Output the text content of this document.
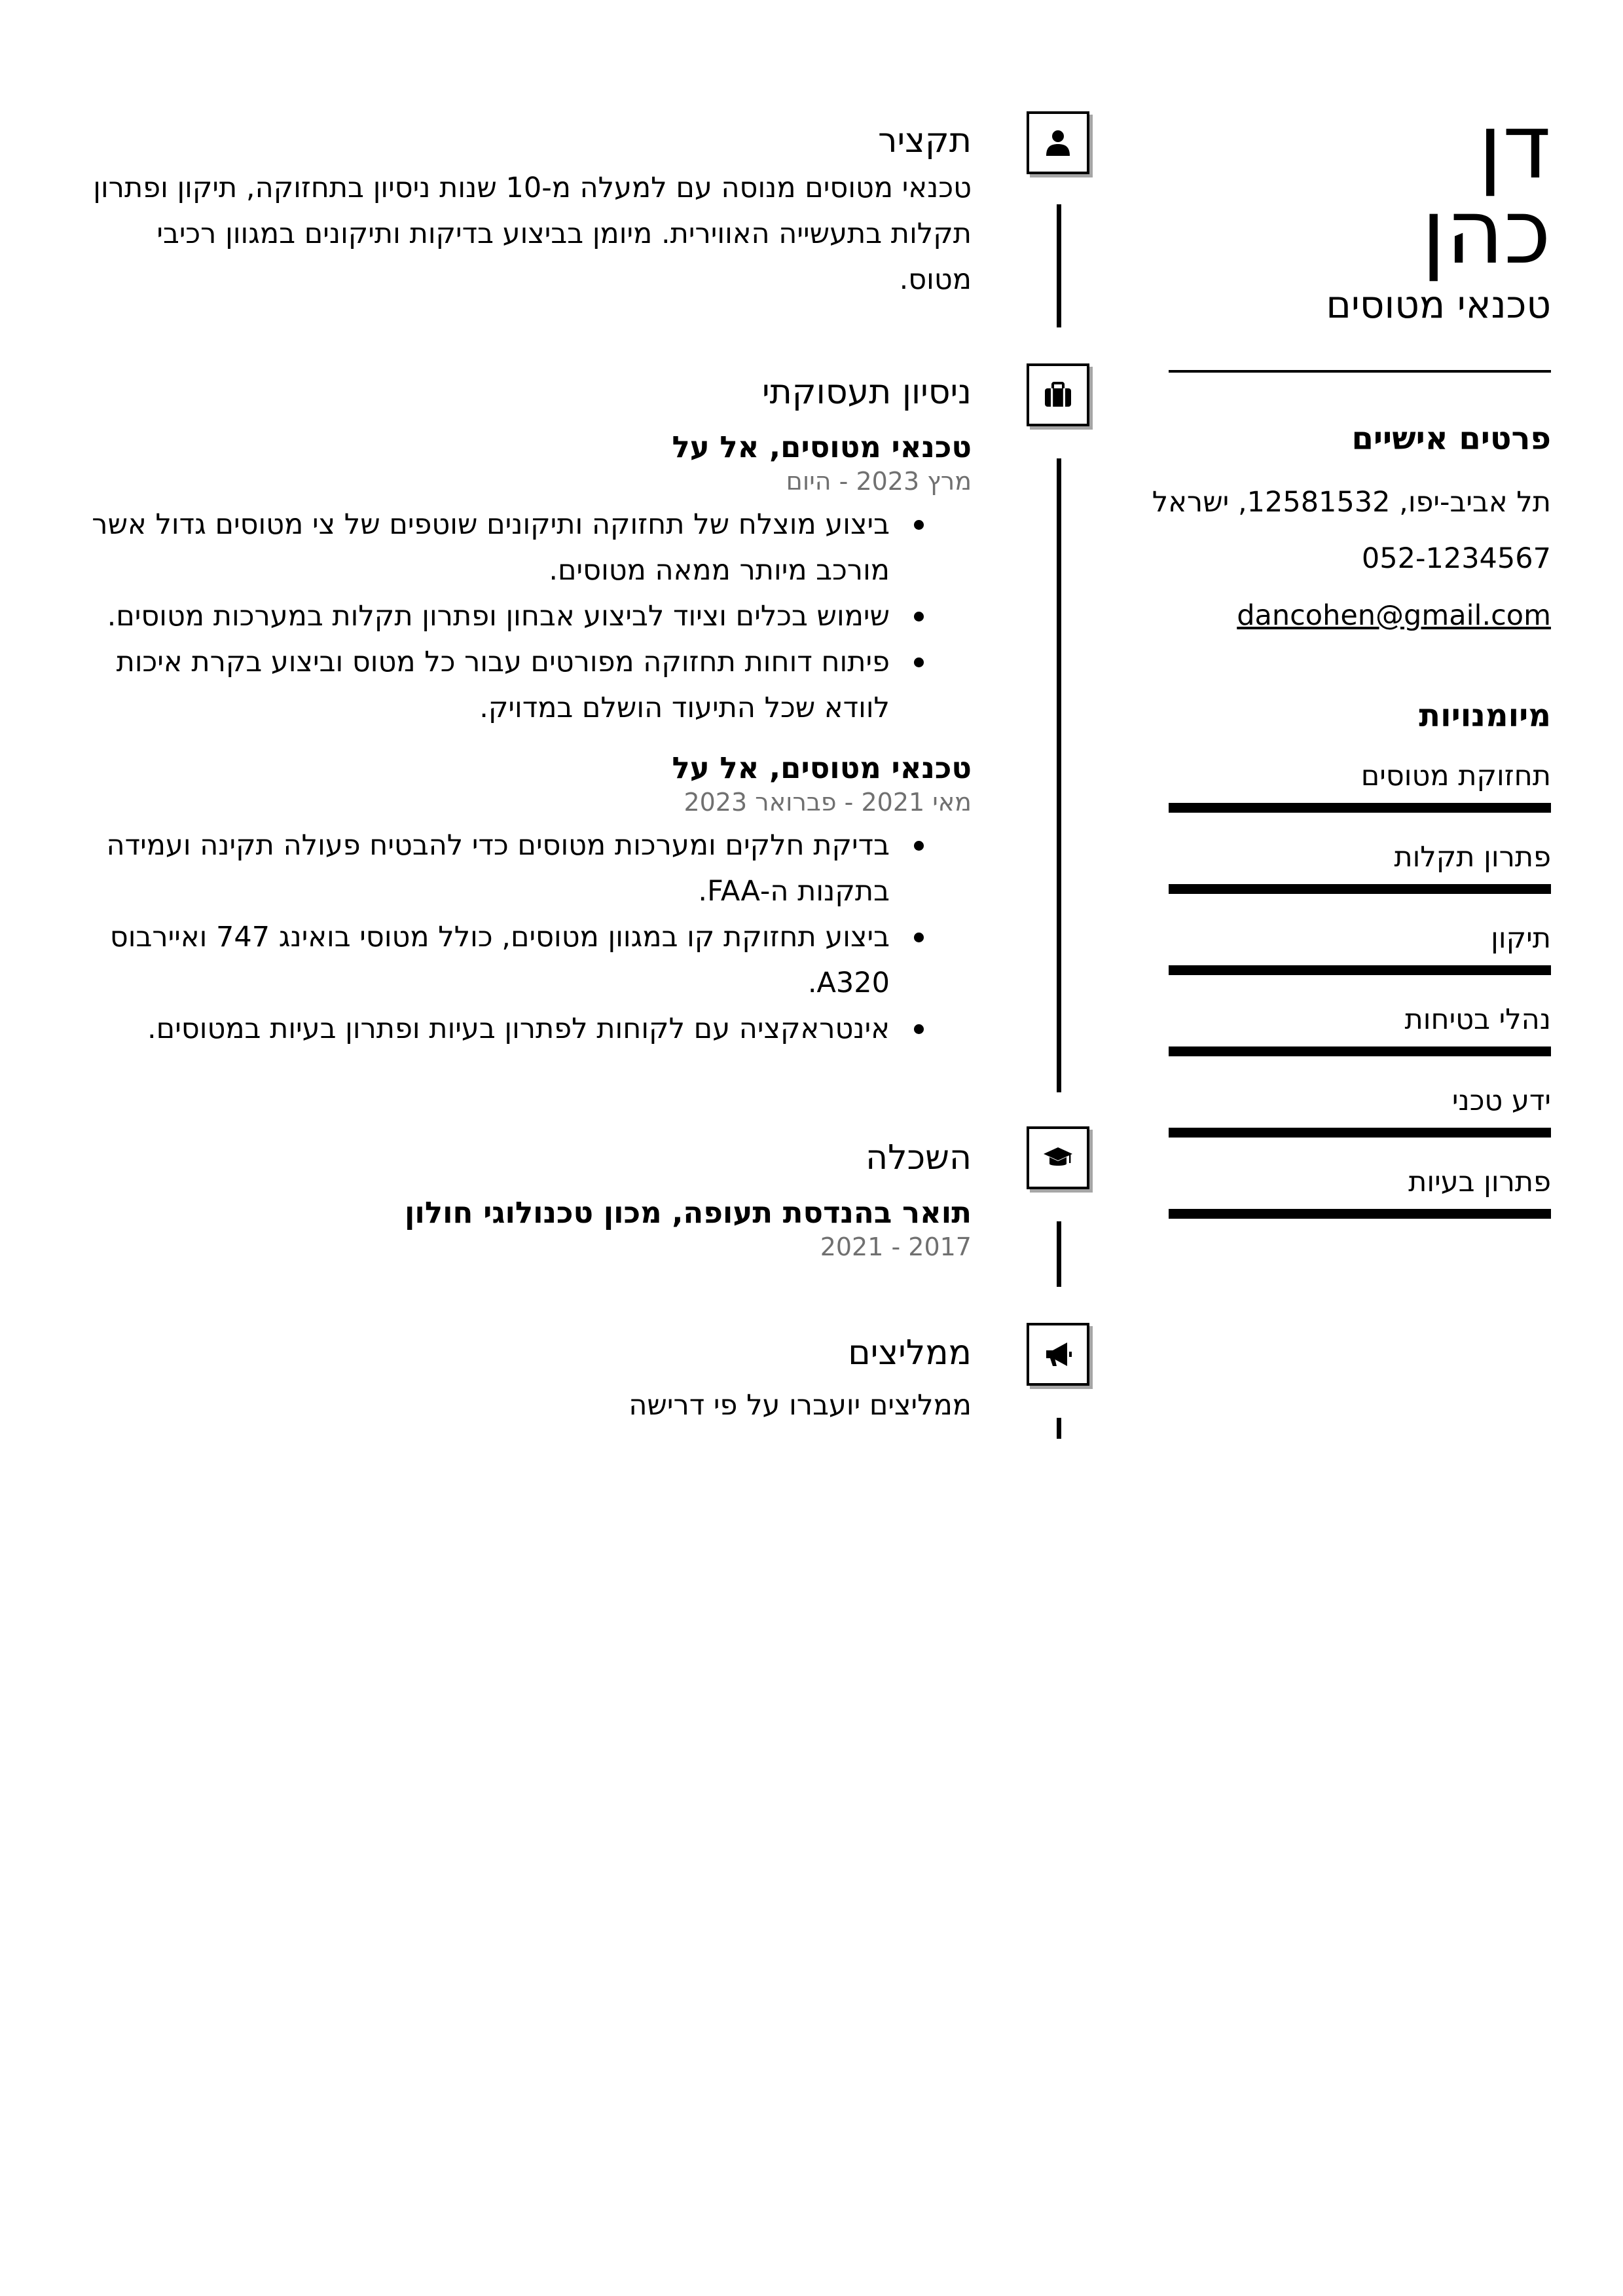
דן
כהן
טכנאי מטוסים
פרטים אישיים
תל אביב-יפו, 12581532, ישראל
052-1234567
dancohen@gmail.com
מיומנויות
תחזוקת מטוסים
פתרון תקלות
תיקון
נהלי בטיחות
ידע טכני
פתרון בעיות
תקציר
טכנאי מטוסים מנוסה עם למעלה מ-10 שנות ניסיון בתחזוקה, תיקון ופתרון תקלות בתעשייה האווירית. מיומן בביצוע בדיקות ותיקונים במגוון רכיבי מטוס.
ניסיון תעסוקתי
טכנאי מטוסים, אל על
מרץ 2023 - היום
ביצוע מוצלח של תחזוקה ותיקונים שוטפים של צי מטוסים גדול אשר מורכב מיותר ממאה מטוסים.
שימוש בכלים וציוד לביצוע אבחון ופתרון תקלות במערכות מטוסים.
פיתוח דוחות תחזוקה מפורטים עבור כל מטוס וביצוע בקרת איכות לוודא שכל התיעוד הושלם במדויק.
טכנאי מטוסים, אל על
מאי 2021 - פברואר 2023
בדיקת חלקים ומערכות מטוסים כדי להבטיח פעולה תקינה ועמידה בתקנות ה-FAA.
ביצוע תחזוקת קו במגוון מטוסים, כולל מטוסי בואינג 747 ואיירבוס A320.
אינטראקציה עם לקוחות לפתרון בעיות ופתרון בעיות במטוסים.
השכלה
תואר בהנדסת תעופה, מכון טכנולוגי חולון
2017 - 2021
ממליצים
ממליצים יועברו על פי דרישה
